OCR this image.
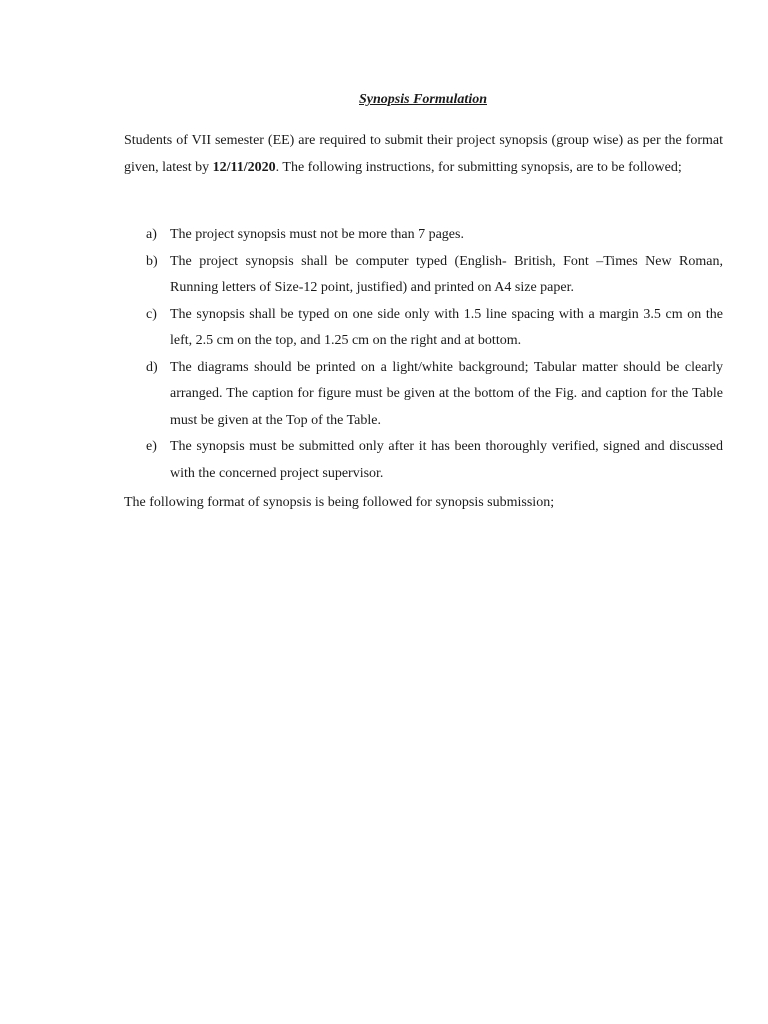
Synopsis Formulation

Students of VII semester (EE) are required to submit their project synopsis (group wise) as per the format given, latest by 12/11/2020. The following instructions, for submitting synopsis, are to be followed;

a) The project synopsis must not be more than 7 pages.
b) The project synopsis shall be computer typed (English- British, Font –Times New Roman, Running letters of Size-12 point, justified) and printed on A4 size paper.
c) The synopsis shall be typed on one side only with 1.5 line spacing with a margin 3.5 cm on the left, 2.5 cm on the top, and 1.25 cm on the right and at bottom.
d) The diagrams should be printed on a light/white background; Tabular matter should be clearly arranged. The caption for figure must be given at the bottom of the Fig. and caption for the Table must be given at the Top of the Table.
e) The synopsis must be submitted only after it has been thoroughly verified, signed and discussed with the concerned project supervisor.

The following format of synopsis is being followed for synopsis submission;
